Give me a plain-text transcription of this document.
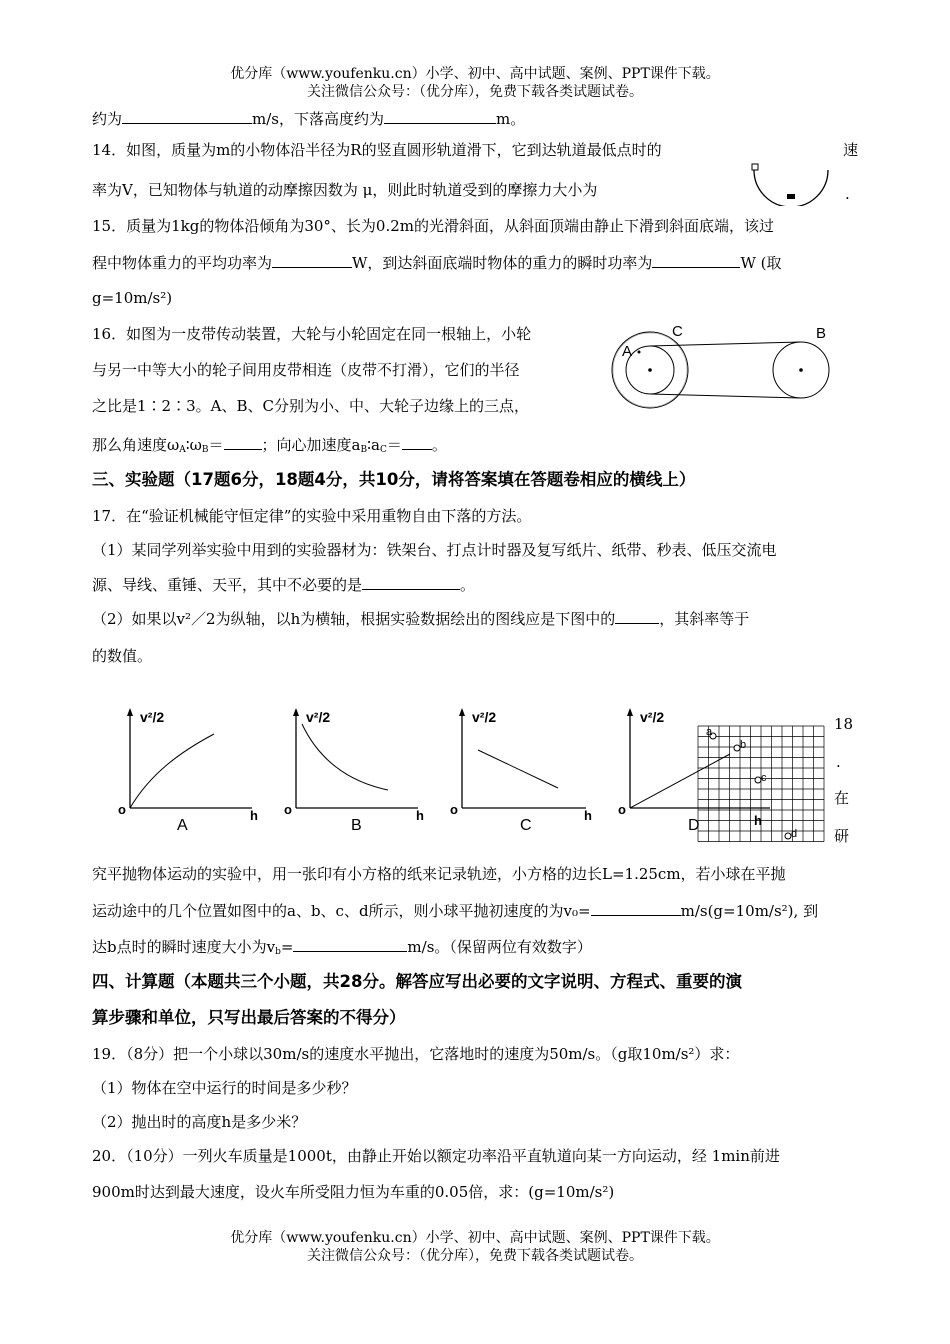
优分库（www.youfenku.cn）小学、初中、高中试题、案例、PPT课件下载。
关注微信公众号：（优分库），免费下载各类试题试卷。
约为	m/s，下落高度约为	m。
14．如图，质量为m的小物体沿半径为R的竖直圆形轨道滑下，它到达轨道最低点时的	速
率为V，已知物体与轨道的动摩擦因数为 μ，则此时轨道受到的摩擦力大小为	.
15．质量为1kg的物体沿倾角为30°、长为0.2m的光滑斜面，从斜面顶端由静止下滑到斜面底端，该过
程中物体重力的平均功率为	W，到达斜面底端时物体的重力的瞬时功率为	W (取
g=10m/s²)
16．如图为一皮带传动装置，大轮与小轮固定在同一根轴上，小轮
与另一中等大小的轮子间用皮带相连（皮带不打滑），它们的半径
之比是1∶2∶3。A、B、C分别为小、中、大轮子边缘上的三点，
那么角速度$\omega_A∶\omega_B=$	；向心加速度$a_B∶a_C=$ 。
A
C	B
三、实验题（17题6分，18题4分，共10分，请将答案填在答题卷相应的横线上）
17．在“验证机械能守恒定律”的实验中采用重物自由下落的方法。
（1）某同学列举实验中用到的实验器材为：铁架台、打点计时器及复写纸片、纸带、秒表、低压交流电
源、导线、重锤、天平，其中不必要的是	。
（2）如果以v²／2为纵轴，以h为横轴，根据实验数据绘出的图线应是下图中的	，其斜率等于
的数值。
v²/2
o	h
A
v²/2
o	h
B
v²/2
o	h
C
v²/2
o
D	h
a
b
c
d
18
.
在
研
究平抛物体运动的实验中，用一张印有小方格的纸来记录轨迹，小方格的边长L=1.25cm，若小球在平抛
运动途中的几个位置如图中的a、b、c、d所示，则小球平抛初速度的为v₀=	m/s(g=10m/s²), 到
达b点时的瞬时速度大小为$v_b=$	m/s。（保留两位有效数字）
四、计算题（本题共三个小题，共28分。解答应写出必要的文字说明、方程式、重要的演
算步骤和单位，只写出最后答案的不得分）
19．（8分）把一个小球以30m/s的速度水平抛出，它落地时的速度为50m/s。（g取10m/s²）求：
（1）物体在空中运行的时间是多少秒？
（2）抛出时的高度h是多少米？
20．（10分）一列火车质量是1000t，由静止开始以额定功率沿平直轨道向某一方向运动，经 1min前进
900m时达到最大速度，设火车所受阻力恒为车重的0.05倍，求：(g=10m/s²)
优分库（www.youfenku.cn）小学、初中、高中试题、案例、PPT课件下载。
关注微信公众号：（优分库），免费下载各类试题试卷。
